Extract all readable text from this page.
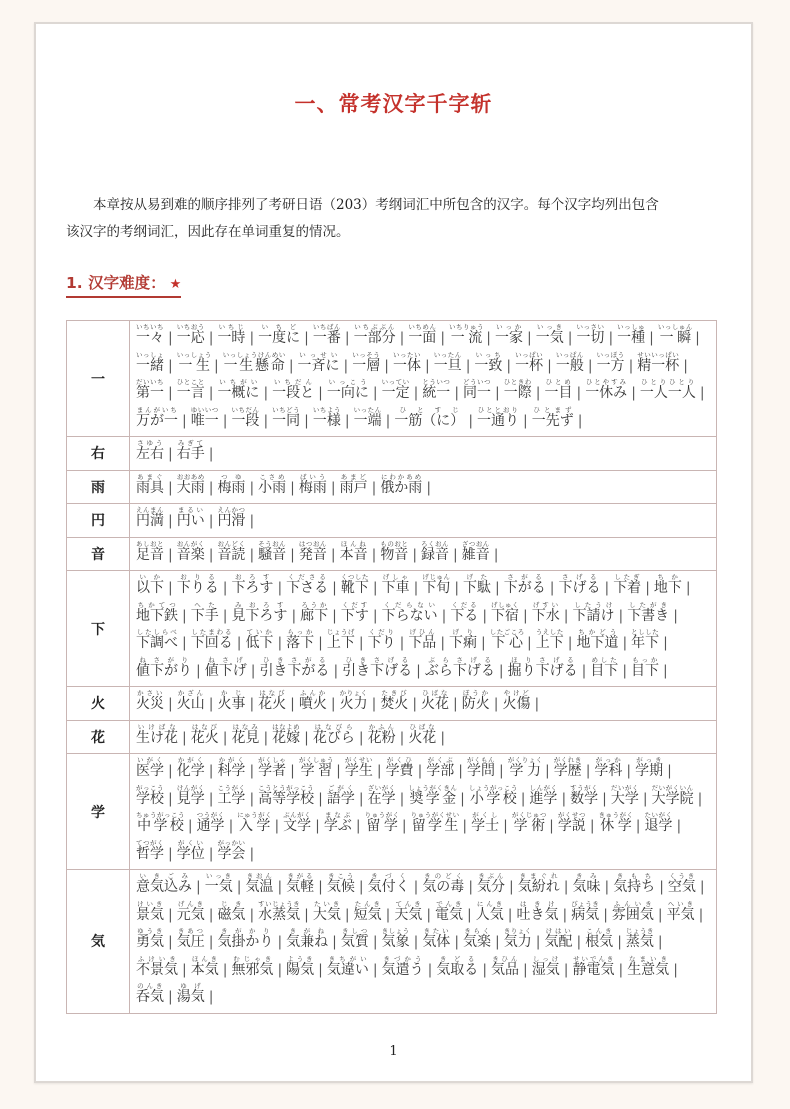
一、常考汉字千字斩
本章按从易到难的顺序排列了考研日语（203）考纲词汇中所包含的汉字。每个汉字均列出包含
该汉字的考纲词汇，因此存在单词重复的情况。
1. 汉字难度： ★
一	一々いちいち| 一応いちおう| 一時いちじ| 一度にいちど| 一番いちばん| 一部分いちぶぶん| 一面いちめん| 一流いちりゅう| 一家いっか| 一気いっき| 一切いっさい| 一種いっしゅ| 一瞬いっしゅん|一緒いっしょ| 一生いっしょう| 一生懸命いっしょうけんめい| 一斉にいっせい| 一層いっそう| 一体いったい| 一旦いったん| 一致いっち| 一杯いっぱい| 一般いっぱん| 一方いっぽう| 精一杯せいいっぱい|第一だいいち| 一言ひとこと| 一概にいちがい| 一段といちだん| 一向にいっこう| 一定いってい| 統一とういつ| 同一どういつ| 一際ひときわ| 一目ひとめ| 一休みひとやすみ| 一人一人ひとりひとり|万が一まんがいち| 唯一ゆいいつ| 一段いちだん| 一同いちどう| 一様いちよう| 一端いったん| 一筋（に）ひとすじ| 一通りひととおり| 一先ずひとまず|
右	左右さゆう| 右手みぎて|
雨	雨具あまぐ| 大雨おおあめ| 梅雨つゆ| 小雨こさめ| 梅雨ばいう| 雨戸あまど| 俄か雨にわかあめ|
円	円満えんまん| 円いまるい| 円滑えんかつ|
音	足音あしおと| 音楽おんがく| 音読おんどく| 騒音そうおん| 発音はつおん| 本音ほんね| 物音ものおと| 録音ろくおん| 雑音ざつおん|
下	以下いか| 下りるおりる| 下ろすおろす| 下さるくださる| 靴下くつした| 下車げしゃ| 下旬げじゅん| 下駄げた| 下がるさがる| 下げるさげる| 下着したぎ| 地下ちか|地下鉄ちかてつ| 下手へた| 見下ろすみおろす| 廊下ろうか| 下すくだす| 下らないくだらない| 下るくだる| 下宿げしゅく| 下水げすい| 下請けしたうけ| 下書きしたがき|下調べしたしらべ| 下回るしたまわる| 低下ていか| 落下らっか| 上下じょうげ| 下りくだり| 下品げひん| 下痢げり| 下心したごころ| 上下うえした| 地下道ちかどう| 年下としした|値下がりねさがり| 値下げねさげ| 引き下がるひきさがる| 引き下げるひきさげる| ぶら下げるぶらさげる| 掘り下げるほりさげる| 目下めした| 目下もっか|
火	火災かさい| 火山かざん| 火事かじ| 花火はなび| 噴火ふんか| 火力かりょく| 焚火たきび| 火花ひばな| 防火ぼうか| 火傷やけど|
花	生け花いけばな| 花火はなび| 花見はなみ| 花嫁はなよめ| 花びらはなびら| 花粉かふん| 火花ひばな|
学	医学いがく| 化学かがく| 科学かがく| 学者がくしゃ| 学習がくしゅう| 学生がくせい| 学費がくひ| 学部がくぶ| 学問がくもん| 学力がくりょく| 学歴がくれき| 学科がっか| 学期がっき|学校がっこう| 見学けんがく| 工学こうがく| 高等学校こうとうがっこう| 語学ごがく| 在学ざいがく| 奨学金しょうがくきん| 小学校しょうがっこう| 進学しんがく| 数学すうがく| 大学だいがく| 大学院だいがくいん|中学校ちゅうがっこう| 通学つうがく| 入学にゅうがく| 文学ぶんがく| 学ぶまなぶ| 留学りゅうがく| 留学生りゅうがくせい| 学士がくし| 学術がくじゅつ| 学説がくせつ| 休学きゅうがく| 退学たいがく|哲学てつがく| 学位がくい| 学会がっかい|
気	意気込みいきごみ| 一気いっき| 気温きおん| 気軽きがる| 気候きこう| 気付くきづく| 気の毒きのどく| 気分きぶん| 気紛れきまぐれ| 気味きみ| 気持ちきもち| 空気くうき|景気けいき| 元気げんき| 磁気じき| 水蒸気すいじょうき| 大気たいき| 短気たんき| 天気てんき| 電気でんき| 人気にんき| 吐き気はきけ| 病気びょうき| 雰囲気ふんいき| 平気へいき|勇気ゆうき| 気圧きあつ| 気掛かりきがかり| 気兼ねきがね| 気質きしつ| 気象きしょう| 気体きたい| 気楽きらく| 気力きりょく| 気配けはい| 根気こんき| 蒸気じょうき|不景気ふけいき| 本気ほんき| 無邪気むじゃき| 陽気ようき| 気違いきちがい| 気遣うきづかう| 気取るきどる| 気品きひん| 湿気しっけ| 静電気せいでんき| 生意気なまいき|呑気のんき| 湯気ゆげ|
1
